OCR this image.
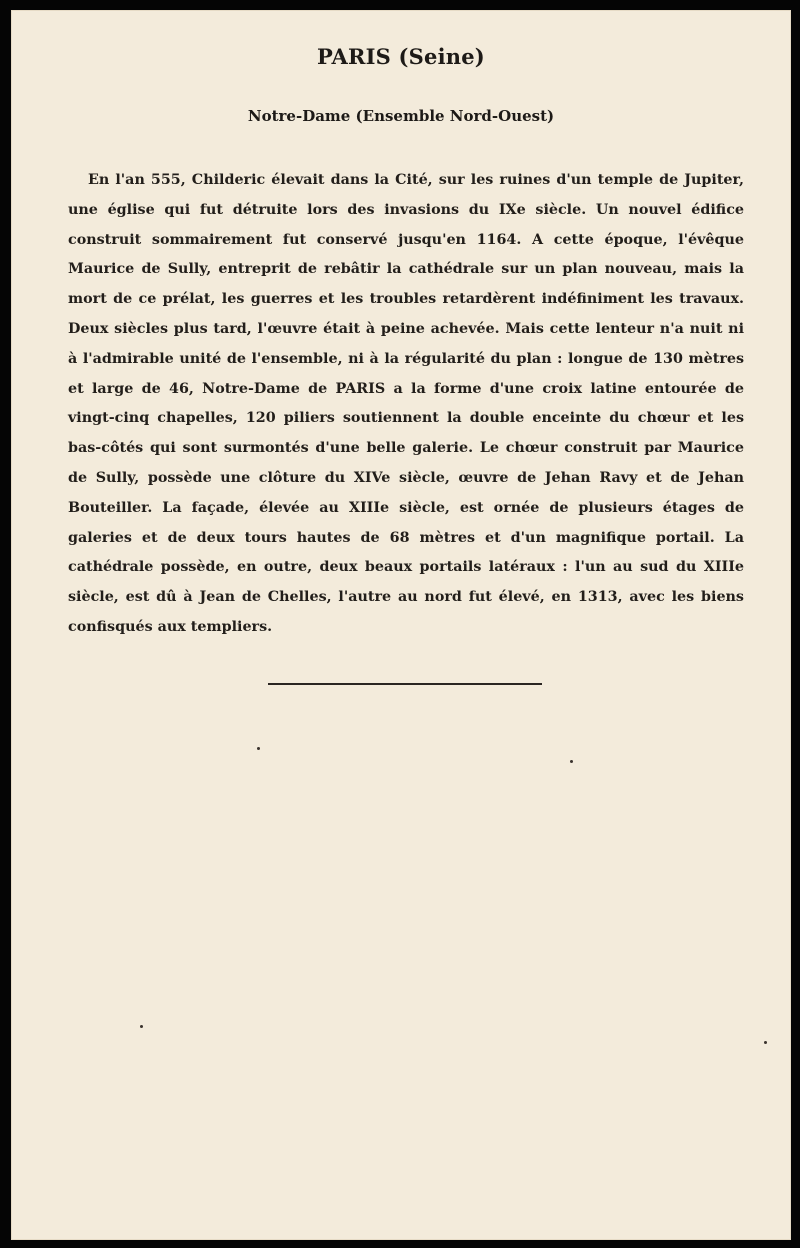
PARIS (Seine)
Notre-Dame (Ensemble Nord-Ouest)

En l'an 555, Childeric élevait dans la Cité, sur les ruines d'un temple de Jupiter, une église qui fut détruite lors des invasions du IXe siècle. Un nouvel édifice construit sommairement fut conservé jusqu'en 1164. A cette époque, l'évêque Maurice de Sully, entreprit de rebâtir la cathédrale sur un plan nouveau, mais la mort de ce prélat, les guerres et les troubles retardèrent indéfiniment les travaux. Deux siècles plus tard, l'œuvre était à peine achevée. Mais cette lenteur n'a nuit ni à l'admirable unité de l'ensemble, ni à la régularité du plan : longue de 130 mètres et large de 46, Notre-Dame de PARIS a la forme d'une croix latine entourée de vingt-cinq chapelles, 120 piliers soutiennent la double enceinte du chœur et les bas-côtés qui sont surmontés d'une belle galerie. Le chœur construit par Maurice de Sully, possède une clôture du XIVe siècle, œuvre de Jehan Ravy et de Jehan Bouteiller. La façade, élevée au XIIIe siècle, est ornée de plusieurs étages de galeries et de deux tours hautes de 68 mètres et d'un magnifique portail. La cathédrale possède, en outre, deux beaux portails latéraux : l'un au sud du XIIIe siècle, est dû à Jean de Chelles, l'autre au nord fut élevé, en 1313, avec les biens confisqués aux templiers.
